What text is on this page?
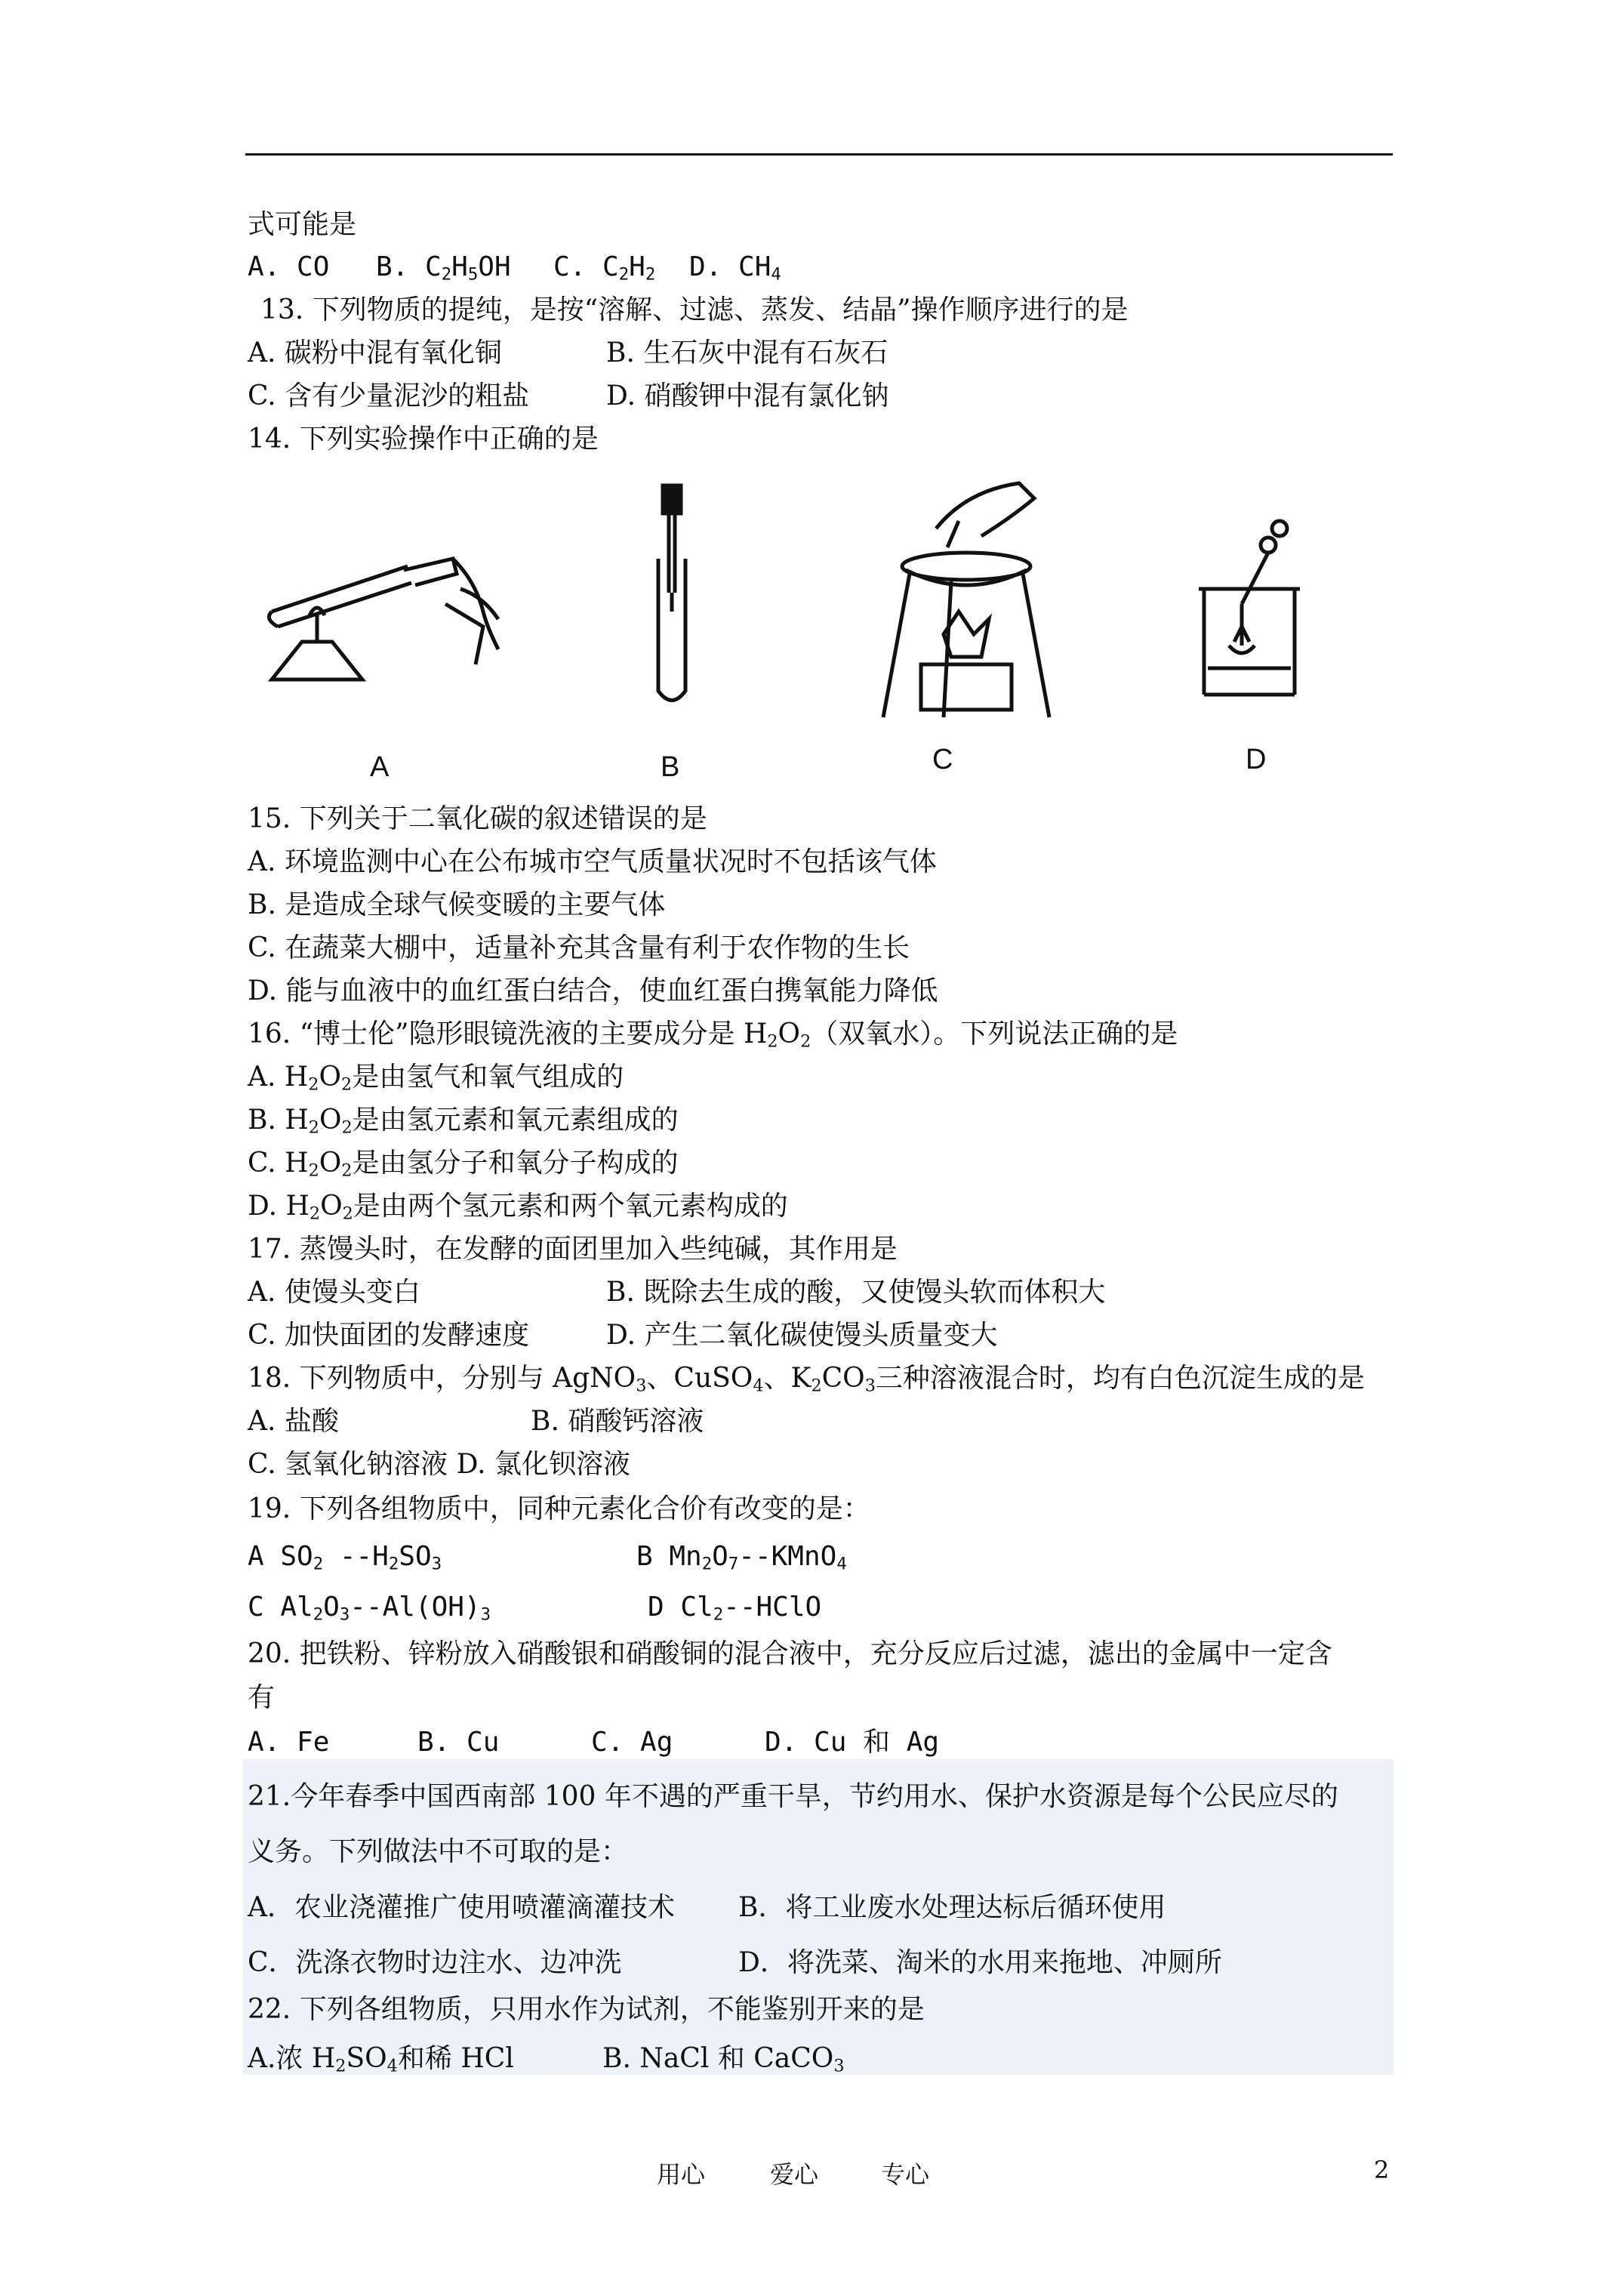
式可能是
A. CO B. $C_2H_5OH$ C. $C_2H_2$ D. $CH_4$
13. 下列物质的提纯，是按“溶解、过滤、蒸发、结晶”操作顺序进行的是
A. 碳粉中混有氧化铜	B. 生石灰中混有石灰石
C. 含有少量泥沙的粗盐	D. 硝酸钾中混有氯化钠
14. 下列实验操作中正确的是
A	B	C	D
15. 下列关于二氧化碳的叙述错误的是
A. 环境监测中心在公布城市空气质量状况时不包括该气体
B. 是造成全球气候变暖的主要气体
C. 在蔬菜大棚中，适量补充其含量有利于农作物的生长
D. 能与血液中的血红蛋白结合，使血红蛋白携氧能力降低
16. “博士伦”隐形眼镜洗液的主要成分是 $H_2O_2$（双氧水）。下列说法正确的是
A. $H_2O_2$是由氢气和氧气组成的
B. $H_2O_2$是由氢元素和氧元素组成的
C. $H_2O_2$是由氢分子和氧分子构成的
D. $H_2O_2$是由两个氢元素和两个氧元素构成的
17. 蒸馒头时，在发酵的面团里加入些纯碱，其作用是
A. 使馒头变白	B. 既除去生成的酸，又使馒头软而体积大
C. 加快面团的发酵速度	D. 产生二氧化碳使馒头质量变大
18. 下列物质中，分别与 AgNO$_3$、CuSO$_4$、$K_2CO_3$三种溶液混合时，均有白色沉淀生成的是
A. 盐酸	B. 硝酸钙溶液
C. 氢氧化钠溶液 D. 氯化钡溶液
19. 下列各组物质中，同种元素化合价有改变的是：
A $SO_2$ $--H_2SO_3$	B $Mn_2O_7--KMnO_4$
C $Al_2O_3--Al(OH)_3$	D $Cl_2-$-HClO
20. 把铁粉、锌粉放入硝酸银和硝酸铜的混合液中，充分反应后过滤，滤出的金属中一定含
有
A. Fe	B. Cu	C. Ag	D. Cu 和 Ag
21.今年春季中国西南部 100 年不遇的严重干旱，节约用水、保护水资源是每个公民应尽的
义务。下列做法中不可取的是：
A．农业浇灌推广使用喷灌滴灌技术 B．将工业废水处理达标后循环使用
C．洗涤衣物时边注水、边冲洗	D．将洗菜、淘米的水用来拖地、冲厕所
22. 下列各组物质，只用水作为试剂，不能鉴别开来的是
A.浓 $H_2SO_4$和稀 HCl	B. NaCl 和 CaCO$_3$
用心	爱心	专心	2
